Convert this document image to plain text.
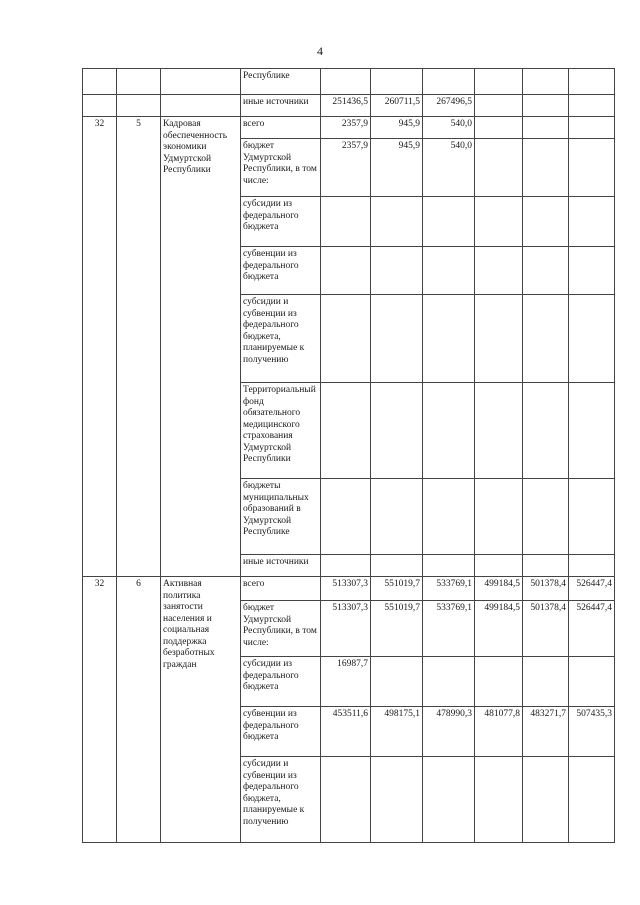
4
			Республике						
			иные источники	251436,5	260711,5	267496,5			
32	5	Кадровая обеспеченность экономики Удмуртской Республики	всего	2357,9	945,9	540,0			
			бюджет Удмуртской Республики, в том числе:	2357,9	945,9	540,0			
			субсидии из федерального бюджета						
			субвенции из федерального бюджета						
			субсидии и субвенции из федерального бюджета, планируемые к получению						
			Территориальный фонд обязательного медицинского страхования Удмуртской Республики						
			бюджеты муниципальных образований в Удмуртской Республике						
			иные источники						
32	6	Активная политика занятости населения и социальная поддержка безработных граждан	всего	513307,3	551019,7	533769,1	499184,5	501378,4	526447,4
			бюджет Удмуртской Республики, в том числе:	513307,3	551019,7	533769,1	499184,5	501378,4	526447,4
			субсидии из федерального бюджета	16987,7					
			субвенции из федерального бюджета	453511,6	498175,1	478990,3	481077,8	483271,7	507435,3
			субсидии и субвенции из федерального бюджета, планируемые к получению						
